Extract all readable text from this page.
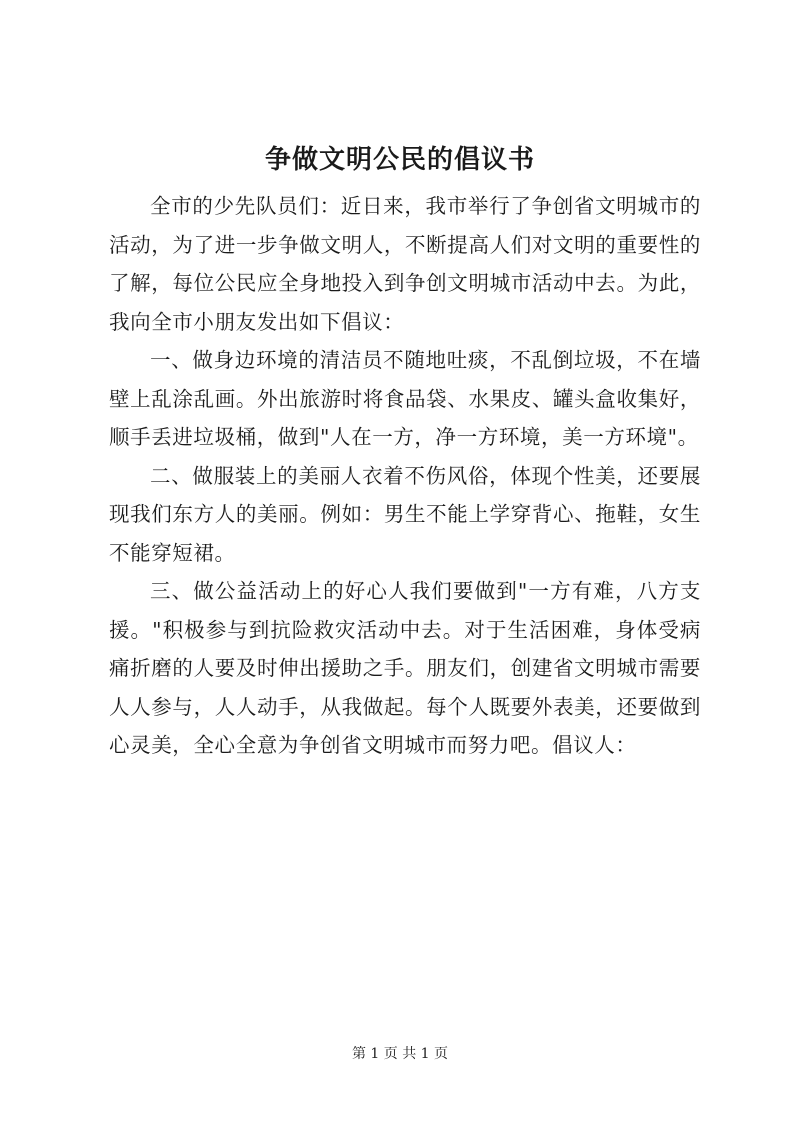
争做文明公民的倡议书

全市的少先队员们：近日来，我市举行了争创省文明城市的活动，为了进一步争做文明人，不断提高人们对文明的重要性的了解，每位公民应全身地投入到争创文明城市活动中去。为此，我向全市小朋友发出如下倡议：

一、做身边环境的清洁员不随地吐痰，不乱倒垃圾，不在墙壁上乱涂乱画。外出旅游时将食品袋、水果皮、罐头盒收集好，顺手丢进垃圾桶，做到"人在一方，净一方环境，美一方环境"。

二、做服装上的美丽人衣着不伤风俗，体现个性美，还要展现我们东方人的美丽。例如：男生不能上学穿背心、拖鞋，女生不能穿短裙。

三、做公益活动上的好心人我们要做到"一方有难，八方支援。"积极参与到抗险救灾活动中去。对于生活困难，身体受病痛折磨的人要及时伸出援助之手。朋友们，创建省文明城市需要人人参与，人人动手，从我做起。每个人既要外表美，还要做到心灵美，全心全意为争创省文明城市而努力吧。倡议人：

第 1 页 共 1 页
